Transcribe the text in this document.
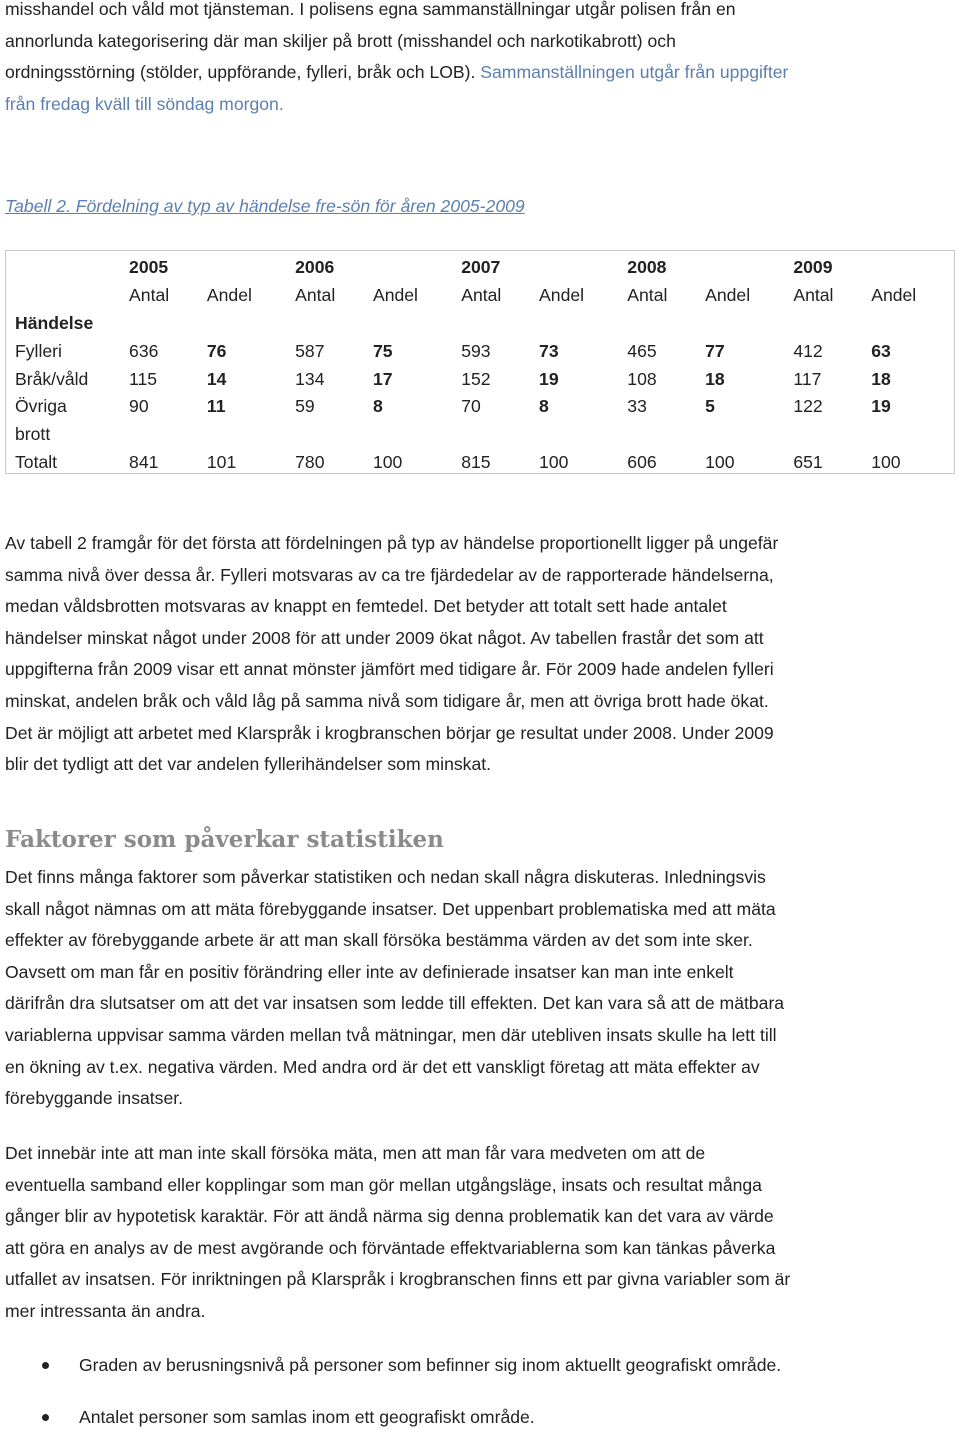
misshandel och våld mot tjänsteman. I polisens egna sammanställningar utgår polisen från en

annorlunda kategorisering där man skiljer på brott (misshandel och narkotikabrott) och

ordningsstörning (stölder, uppförande, fylleri, bråk och LOB). Sammanställningen utgår från uppgifter

från fredag kväll till söndag morgon.

Tabell 2. Fördelning av typ av händelse fre-sön för åren 2005-2009

	2005		2006		2007		2008		2009	
	Antal	Andel	Antal	Andel	Antal	Andel	Antal	Andel	Antal	Andel
Händelse										
Fylleri	636	76	587	75	593	73	465	77	412	63
Bråk/våld	115	14	134	17	152	19	108	18	117	18
Övriga	90	11	59	8	70	8	33	5	122	19
brott										
Totalt	841	101	780	100	815	100	606	100	651	100

Av tabell 2 framgår för det första att fördelningen på typ av händelse proportionellt ligger på ungefär

samma nivå över dessa år. Fylleri motsvaras av ca tre fjärdedelar av de rapporterade händelserna,

medan våldsbrotten motsvaras av knappt en femtedel. Det betyder att totalt sett hade antalet

händelser minskat något under 2008 för att under 2009 ökat något. Av tabellen frastår det som att

uppgifterna från 2009 visar ett annat mönster jämfört med tidigare år. För 2009 hade andelen fylleri

minskat, andelen bråk och våld låg på samma nivå som tidigare år, men att övriga brott hade ökat.

Det är möjligt att arbetet med Klarspråk i krogbranschen börjar ge resultat under 2008. Under 2009

blir det tydligt att det var andelen fyllerihändelser som minskat.

Faktorer som påverkar statistiken

Det finns många faktorer som påverkar statistiken och nedan skall några diskuteras. Inledningsvis

skall något nämnas om att mäta förebyggande insatser. Det uppenbart problematiska med att mäta

effekter av förebyggande arbete är att man skall försöka bestämma värden av det som inte sker.

Oavsett om man får en positiv förändring eller inte av definierade insatser kan man inte enkelt

därifrån dra slutsatser om att det var insatsen som ledde till effekten. Det kan vara så att de mätbara

variablerna uppvisar samma värden mellan två mätningar, men där utebliven insats skulle ha lett till

en ökning av t.ex. negativa värden. Med andra ord är det ett vanskligt företag att mäta effekter av

förebyggande insatser.

Det innebär inte att man inte skall försöka mäta, men att man får vara medveten om att de

eventuella samband eller kopplingar som man gör mellan utgångsläge, insats och resultat många

gånger blir av hypotetisk karaktär. För att ändå närma sig denna problematik kan det vara av värde

att göra en analys av de mest avgörande och förväntade effektvariablerna som kan tänkas påverka

utfallet av insatsen. För inriktningen på Klarspråk i krogbranschen finns ett par givna variabler som är

mer intressanta än andra.

Graden av berusningsnivå på personer som befinner sig inom aktuellt geografiskt område.
Antalet personer som samlas inom ett geografiskt område.
